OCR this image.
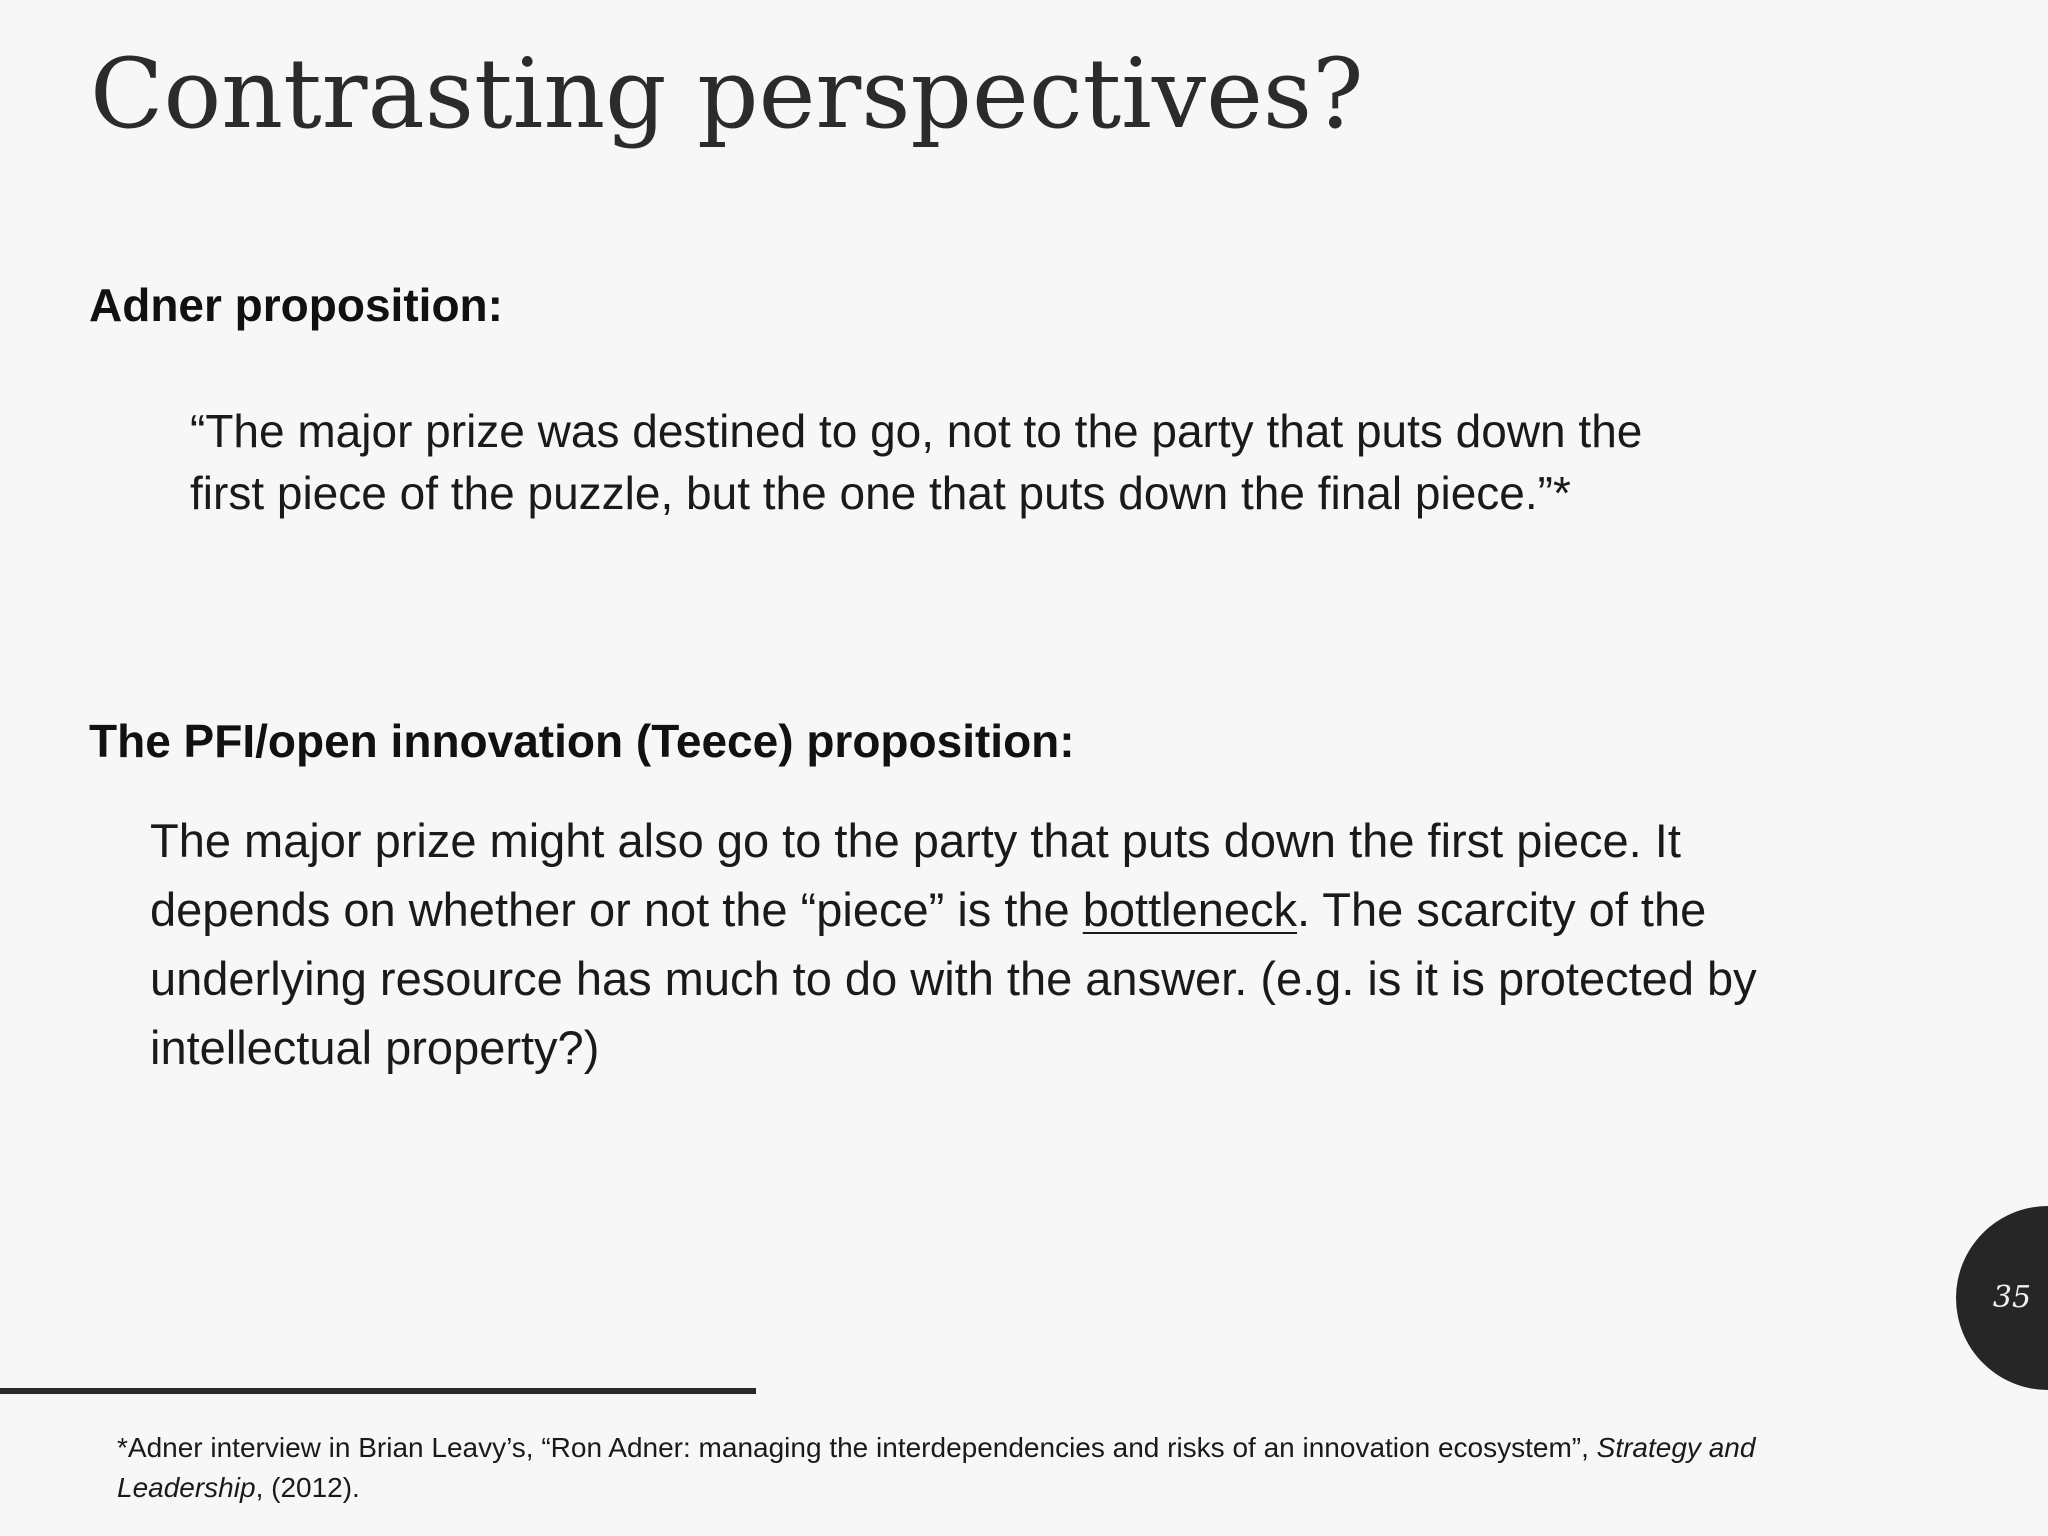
Contrasting perspectives?
Adner proposition:

“The major prize was destined to go, not to the party that puts down the
first piece of the puzzle, but the one that puts down the final piece.”*

The PFI/open innovation (Teece) proposition:

The major prize might also go to the party that puts down the first piece. It depends on whether or not the “piece” is the bottleneck. The scarcity of the underlying resource has much to do with the answer. (e.g. is it is protected by intellectual property?)

*Adner interview in Brian Leavy’s, “Ron Adner: managing the interdependencies and risks of an innovation ecosystem”, Strategy and Leadership, (2012).

35
